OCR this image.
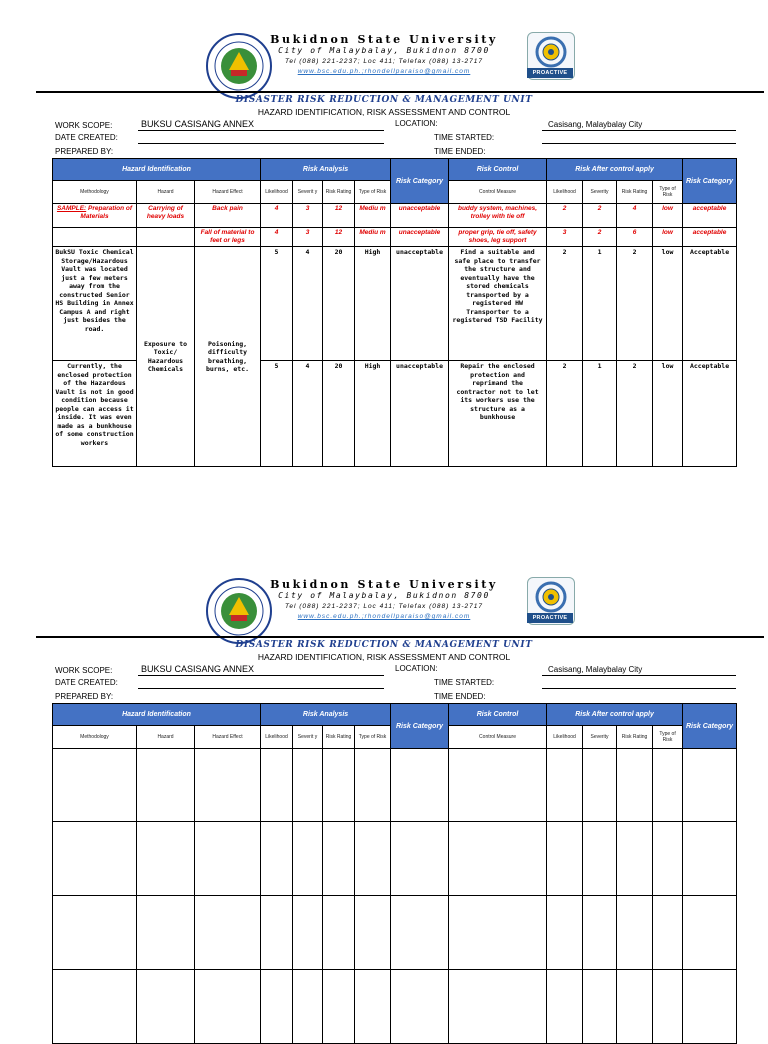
Bukidnon State University
City of Malaybalay, Bukidnon 8700
Tel (088) 221-2237; Loc 411; Telefax (088) 13-2717
www.bsc.edu.ph.;rhondellparaiso@gmail.com	PROACTIVE
DISASTER RISK REDUCTION & MANAGEMENT UNIT
HAZARD IDENTIFICATION, RISK ASSESSMENT AND CONTROL
WORK SCOPE:	BUKSU CASISANG ANNEX	LOCATION:	Casisang, Malaybalay City
DATE CREATED:	TIME STARTED:
PREPARED BY:	TIME ENDED:
Hazard Identification			Risk Analysis				Risk Category	Risk Control	Risk After control apply				Risk Category
Methodology	Hazard	Hazard Effect	Likelihood	Severit y	Risk Rating	Type of Risk		Control Measure	Likelihood	Severity	Risk Rating	Type of Risk	
SAMPLE: Preparation of Materials	Carrying of heavy loads	Back pain	4	3	12	Mediu m	unacceptable	buddy system, machines, trolley with tie off	2	2	4	low	acceptable
		Fall of material to feet or legs	4	3	12	Mediu m	unacceptable	proper grip, tie off, safety shoes, leg support	3	2	6	low	acceptable
BukSU Toxic Chemical Storage/Hazardous Vault was located just a few meters away from the constructed Senior HS Building in Annex Campus A and right just besides the road.	Exposure to Toxic/ Hazardous Chemicals	Poisoning, difficulty breathing, burns, etc.	5	4	20	High	unacceptable	Find a suitable and safe place to transfer the structure and eventually have the stored chemicals transported by a registered HW Transporter to a registered TSD Facility	2	1	2	low	Acceptable
Currently, the enclosed protection of the Hazardous Vault is not in good condition because people can access it inside. It was even made as a bunkhouse of some construction workers			5	4	20	High	unacceptable	Repair the enclosed protection and reprimand the contractor not to let its workers use the structure as a bunkhouse	2	1	2	low	Acceptable
Bukidnon State University
City of Malaybalay, Bukidnon 8700
Tel (088) 221-2237; Loc 411; Telefax (088) 13-2717
www.bsc.edu.ph.;rhondellparaiso@gmail.com	PROACTIVE
DISASTER RISK REDUCTION & MANAGEMENT UNIT
HAZARD IDENTIFICATION, RISK ASSESSMENT AND CONTROL
WORK SCOPE:	BUKSU CASISANG ANNEX	LOCATION:	Casisang, Malaybalay City
DATE CREATED:	TIME STARTED:
PREPARED BY:	TIME ENDED:
Hazard Identification			Risk Analysis				Risk Category	Risk Control	Risk After control apply				Risk Category
Methodology	Hazard	Hazard Effect	Likelihood	Severit y	Risk Rating	Type of Risk		Control Measure	Likelihood	Severity	Risk Rating	Type of Risk	
